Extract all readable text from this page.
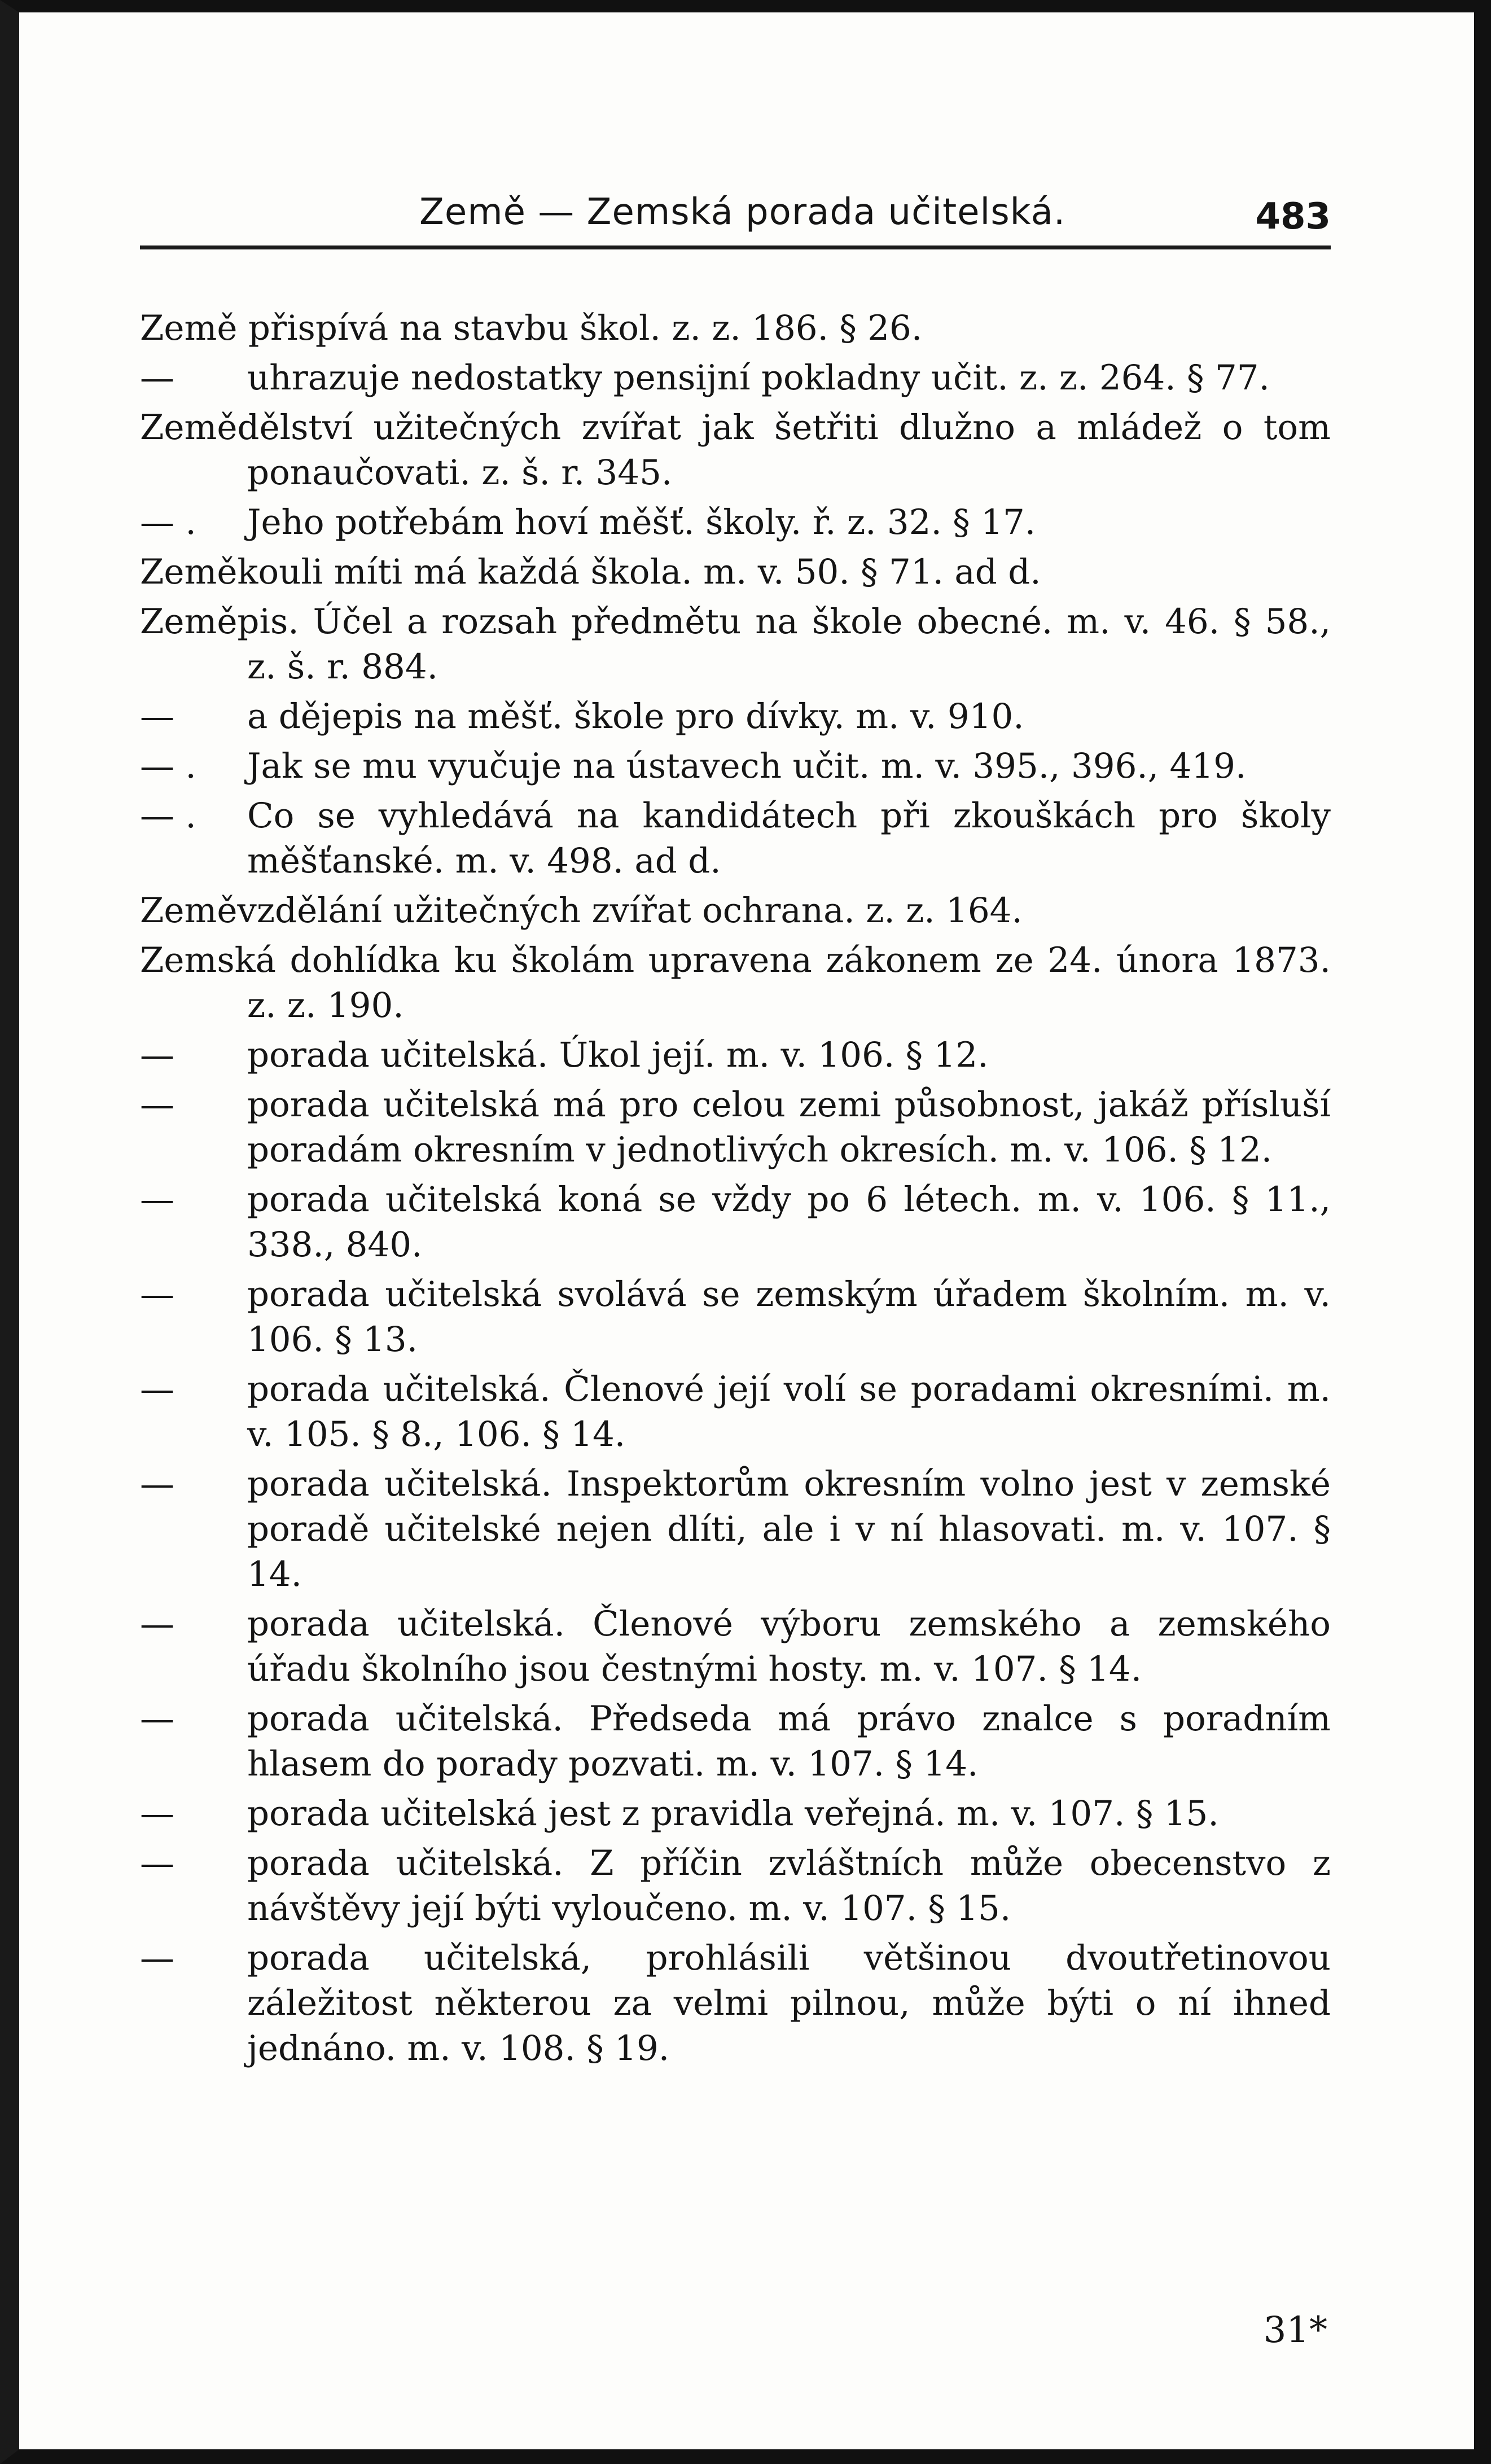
Země — Zemská porada učitelská.	483

Země přispívá na stavbu škol. z. z. 186. § 26.

— uhrazuje nedostatky pensijní pokladny učit. z. z. 264. § 77.

Zemědělství užitečných zvířat jak šetřiti dlužno a mládež o tom ponaučovati. z. š. r. 345.

— . Jeho potřebám hoví měšť. školy. ř. z. 32. § 17.

Zeměkouli míti má každá škola. m. v. 50. § 71. ad d.

Zeměpis. Účel a rozsah předmětu na škole obecné. m. v. 46. § 58., z. š. r. 884.

— a dějepis na měšť. škole pro dívky. m. v. 910.

— . Jak se mu vyučuje na ústavech učit. m. v. 395., 396., 419.

— . Co se vyhledává na kandidátech při zkouškách pro školy měšťanské. m. v. 498. ad d.

Zeměvzdělání užitečných zvířat ochrana. z. z. 164.

Zemská dohlídka ku školám upravena zákonem ze 24. února 1873. z. z. 190.

— porada učitelská. Úkol její. m. v. 106. § 12.

— porada učitelská má pro celou zemi působnost, jakáž přísluší poradám okresním v jednotlivých okresích. m. v. 106. § 12.

— porada učitelská koná se vždy po 6 létech. m. v. 106. § 11., 338., 840.

— porada učitelská svolává se zemským úřadem školním. m. v. 106. § 13.

— porada učitelská. Členové její volí se poradami okresními. m. v. 105. § 8., 106. § 14.

— porada učitelská. Inspektorům okresním volno jest v zemské poradě učitelské nejen dlíti, ale i v ní hlasovati. m. v. 107. § 14.

— porada učitelská. Členové výboru zemského a zemského úřadu školního jsou čestnými hosty. m. v. 107. § 14.

— porada učitelská. Předseda má právo znalce s poradním hlasem do porady pozvati. m. v. 107. § 14.

— porada učitelská jest z pravidla veřejná. m. v. 107. § 15.

— porada učitelská. Z příčin zvláštních může obecenstvo z návštěvy její býti vyloučeno. m. v. 107. § 15.

— porada učitelská, prohlásili většinou dvoutřetinovou záležitost některou za velmi pilnou, může býti o ní ihned jednáno. m. v. 108. § 19.

31*
